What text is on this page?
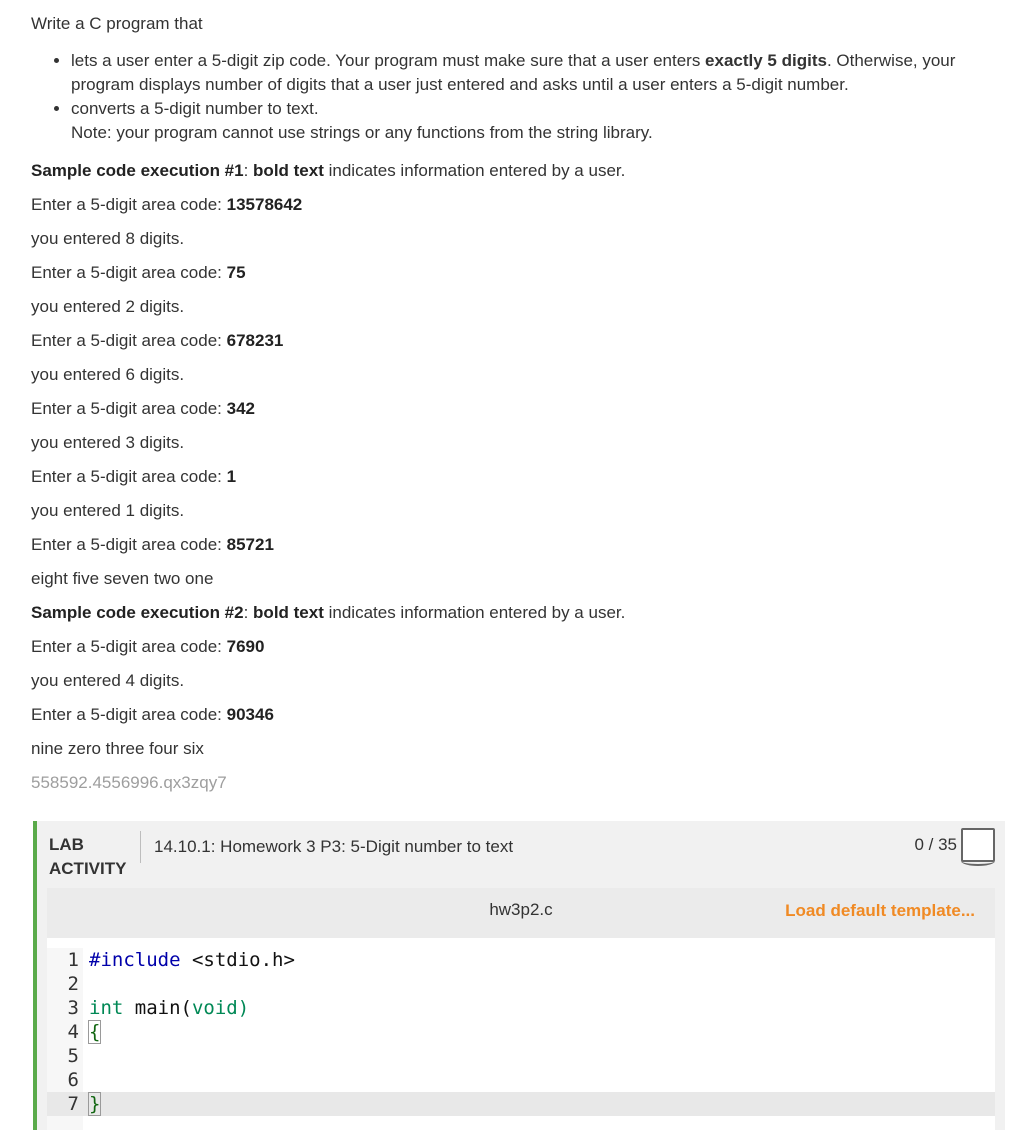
Write a C program that
• lets a user enter a 5-digit zip code. Your program must make sure that a user enters exactly 5 digits. Otherwise, your program displays number of digits that a user just entered and asks until a user enters a 5-digit number.
• converts a 5-digit number to text.
Note: your program cannot use strings or any functions from the string library.
Sample code execution #1: bold text indicates information entered by a user.
Enter a 5-digit area code: 13578642
you entered 8 digits.
Enter a 5-digit area code: 75
you entered 2 digits.
Enter a 5-digit area code: 678231
you entered 6 digits.
Enter a 5-digit area code: 342
you entered 3 digits.
Enter a 5-digit area code: 1
you entered 1 digits.
Enter a 5-digit area code: 85721
eight five seven two one
Sample code execution #2: bold text indicates information entered by a user.
Enter a 5-digit area code: 7690
you entered 4 digits.
Enter a 5-digit area code: 90346
nine zero three four six
558592.4556996.qx3zqy7
LAB ACTIVITY
14.10.1: Homework 3 P3: 5-Digit number to text	0 / 35
hw3p2.c	Load default template...
1 #include <stdio.h>
2
3 int main(void)
4 {
5
6
7 }
